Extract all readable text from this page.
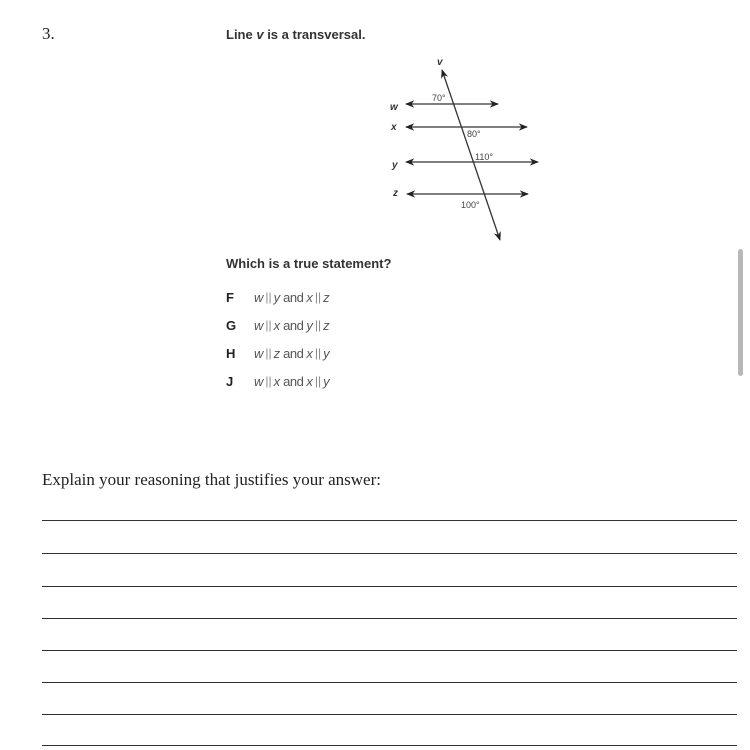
3.	Line v is a transversal.
v
w
x
y
z
70°
80°
110°
100°
Which is a true statement?
F	w || y and x || z
G	w || x and y || z
H	w || z and x || y
J	w || x and x || y
Explain your reasoning that justifies your answer:
